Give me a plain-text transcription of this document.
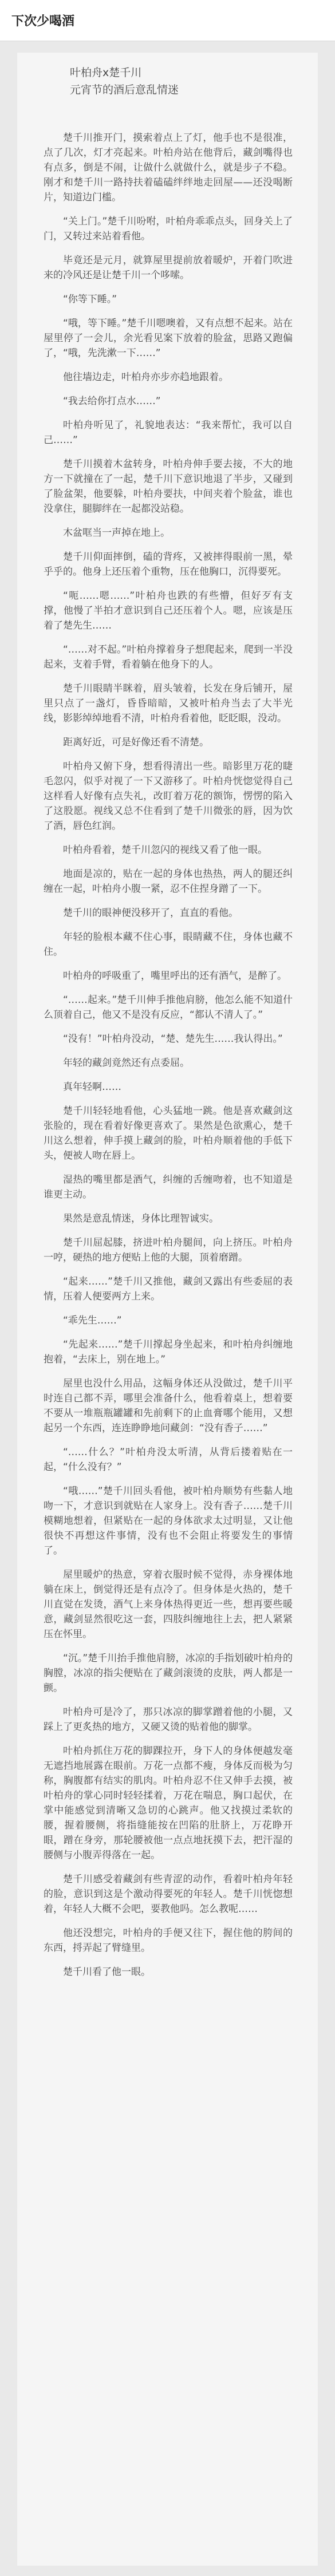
下次少喝酒

叶柏舟x楚千川

元宵节的酒后意乱情迷

楚千川推开门，摸索着点上了灯，他手也不是很准，点了几次，灯才亮起来。叶柏舟站在他背后，藏剑嘴得也有点多，倒是不闹，让做什么就做什么，就是步子不稳。刚才和楚千川一路持扶着磕磕绊绊地走回屋——还没喝断片，知道边门槛。

“关上门。”楚千川吩咐，叶柏舟乖乖点头，回身关上了门，又转过来站着看他。

毕竟还是元月，就算屋里提前放着暖炉，开着门吹进来的冷风还是让楚千川一个哆嗦。

“你等下睡。”

“哦，等下睡。”楚千川嗯噢着，又有点想不起来。站在屋里停了一会儿，余光看见案下放着的脸盆，思路又跑偏了，“哦，先洗漱一下……”

他往墙边走，叶柏舟亦步亦趋地跟着。

“我去给你打点水……”

叶柏舟听见了，礼貌地表达：“我来帮忙，我可以自己……”

楚千川摸着木盆转身，叶柏舟伸手要去接，不大的地方一下就撞在了一起，楚千川下意识地退了半步，又碰到了脸盆架，他要躲，叶柏舟要扶，中间夹着个脸盆，谁也没拿住，腿脚绊在一起都没站稳。

木盆哐当一声掉在地上。

楚千川仰面摔倒，磕的背疼，又被摔得眼前一黑，晕乎乎的。他身上还压着个重物，压在他胸口，沉得要死。

“呃……嗯……”叶柏舟也跌的有些懵，但好歹有支撑，他慢了半拍才意识到自己还压着个人。嗯，应该是压着了楚先生……

“……对不起。”叶柏舟撑着身子想爬起来，爬到一半没起来，支着手臂，看着躺在他身下的人。

楚千川眼睛半眯着，眉头皱着，长发在身后铺开，屋里只点了一盏灯，昏昏暗暗，又被叶柏舟当去了大半光线，影影绰绰地看不清，叶柏舟看着他，眨眨眼，没动。

距离好近，可是好像还看不清楚。

叶柏舟又俯下身，想看得清出一些。暗影里万花的睫毛忽闪，似乎对视了一下又游移了。叶柏舟恍惚觉得自己这样看人好像有点失礼，改盯着万花的额饰，愣愣的陷入了这股愿。视线又总不住看到了楚千川微张的唇，因为饮了酒，唇色红润。

叶柏舟看着，楚千川忽闪的视线又看了他一眼。

地面是凉的，贴在一起的身体也热热，两人的腿还纠缠在一起，叶柏舟小腹一紧，忍不住捏身蹭了一下。

楚千川的眼神便没移开了，直直的看他。

年轻的脸根本藏不住心事，眼睛藏不住，身体也藏不住。

叶柏舟的呼吸重了，嘴里呼出的还有酒气，是醉了。

“……起来。”楚千川伸手推他肩膀，他怎么能不知道什么顶着自己，他又不是没有反应，“都认不清人了。”

“没有！”叶柏舟没动，“楚、楚先生……我认得出。”

年轻的藏剑竟然还有点委屈。

真年轻啊……

楚千川轻轻地看他，心头猛地一跳。他是喜欢藏剑这张脸的，现在看着好像更喜欢了。果然是色欲熏心，楚千川这么想着，伸手摸上藏剑的脸，叶柏舟顺着他的手低下头，便被人吻在唇上。

湿热的嘴里都是酒气，纠缠的舌缠吻着，也不知道是谁更主动。

果然是意乱情迷，身体比理智诚实。

楚千川屈起膝，挤进叶柏舟腿间，向上挤压。叶柏舟一哼，硬热的地方便贴上他的大腿，顶着磨蹭。

“起来……”楚千川又推他，藏剑又露出有些委屈的表情，压着人便要两方上来。

“乖先生……”

“先起来……”楚千川撑起身坐起来，和叶柏舟纠缠地抱着，“去床上，别在地上。”

屋里也没什么用品，这幅身体还从没做过，楚千川平时连自己都不弄，哪里会准备什么，他看着桌上，想着要不要从一堆瓶瓶罐罐和先前剩下的止血膏哪个能用，又想起另一个东西，连连睁睁地问藏剑：“没有香子……”

“……什么？”叶柏舟没太听清，从背后搂着贴在一起，“什么没有？”

“哦……”楚千川回头看他，被叶柏舟顺势有些黏人地吻一下，才意识到就贴在人家身上。没有香子……楚千川模糊地想着，但紧贴在一起的身体欲求太过明显，又让他很快不再想这件事情，没有也不会阻止将要发生的事情了。

屋里暖炉的热意，穿着衣服时候不觉得，赤身裸体地躺在床上，倒觉得还是有点冷了。但身体是火热的，楚千川直觉在发烫，酒气上来身体热得更近一些，想再要些暖意，藏剑显然很吃这一套，四肢纠缠地往上去，把人紧紧压在怀里。

“沉。”楚千川抬手推他肩膀，冰凉的手指划破叶柏舟的胸膛，冰凉的指尖便贴在了藏剑滚烫的皮肤，两人都是一颤。

叶柏舟可是冷了，那只冰凉的脚掌蹭着他的小腿，又踩上了更炙热的地方，又硬又烫的贴着他的脚掌。

叶柏舟抓住万花的脚踝拉开，身下人的身体便越发毫无遮挡地展露在眼前。万花一点都不瘦，身体反而极为匀称，胸腹都有结实的肌肉。叶柏舟忍不住又伸手去摸，被叶柏舟的掌心同时轻轻揉着，万花在喘息，胸口起伏，在掌中能感觉到清晰又急切的心跳声。他又找摸过柔软的腰，握着腰侧，将指缝能按在凹陷的肚脐上，万花睁开眼，蹭在身旁，那轮腰被他一点点地抚摸下去，把汗湿的腰侧与小腹弄得落在一起。

楚千川感受着藏剑有些青涩的动作，看着叶柏舟年轻的脸，意识到这是个激动得要死的年轻人。楚千川恍惚想着，年轻人大概不会吧，要教他吗。怎么教呢……

他还没想完，叶柏舟的手便又往下，握住他的胯间的东西，捋弄起了臂缝里。

楚千川看了他一眼。
